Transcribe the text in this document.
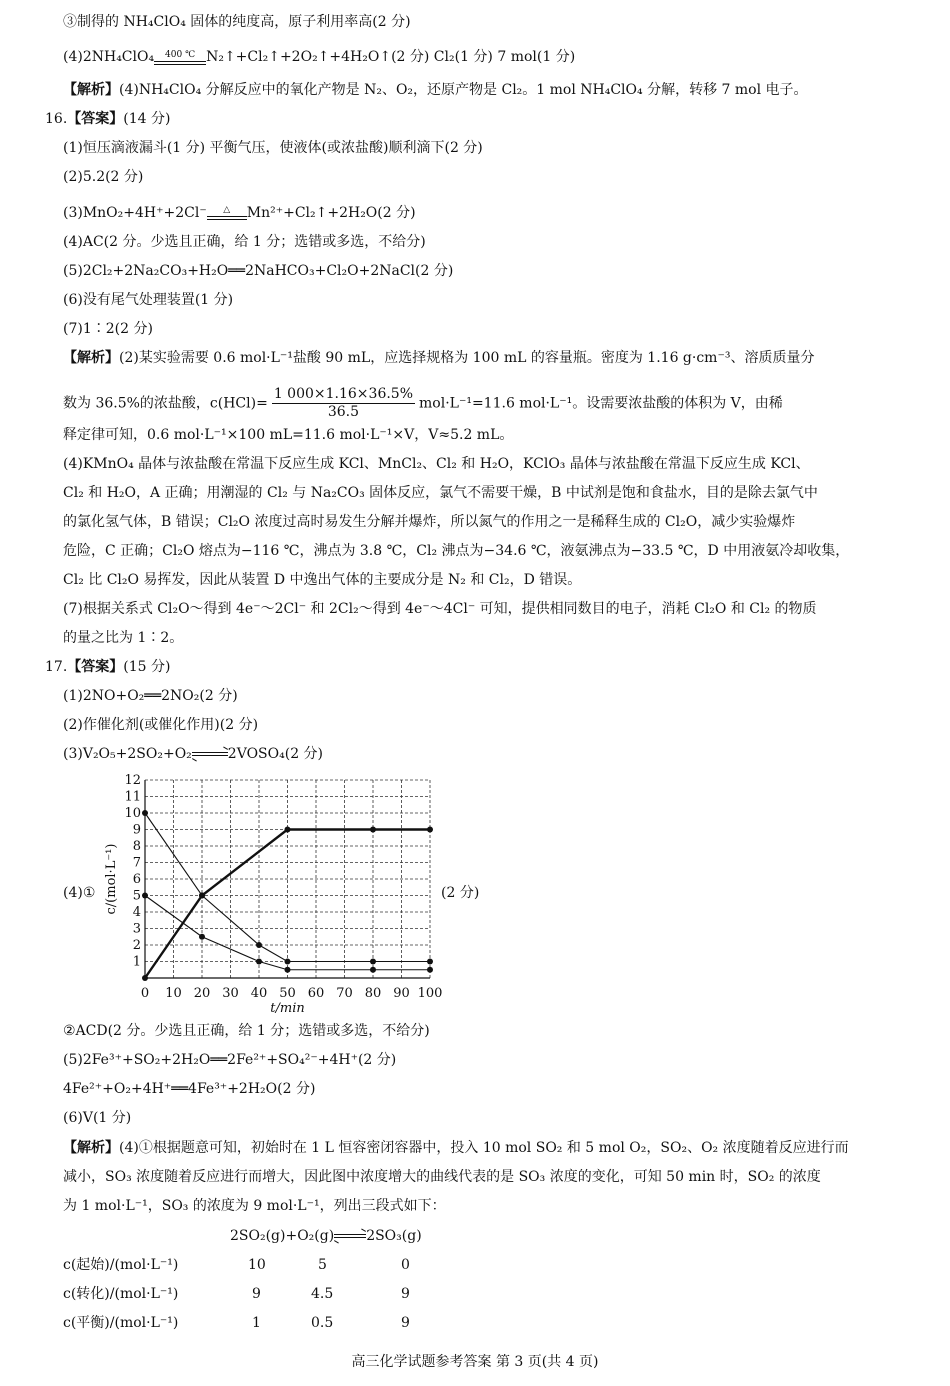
③制得的 NH₄ClO₄ 固体的纯度高，原子利用率高(2 分)
(4)2NH₄ClO₄	400 ℃ N₂↑+Cl₂↑+2O₂↑+4H₂O↑(2 分) Cl₂(1 分) 7 mol(1 分)
【解析】(4)NH₄ClO₄ 分解反应中的氧化产物是 N₂、O₂，还原产物是 Cl₂。1 mol NH₄ClO₄ 分解，转移 7 mol 电子。
16.【答案】(14 分)
(1)恒压滴液漏斗(1 分) 平衡气压，使液体(或浓盐酸)顺利滴下(2 分)
(2)5.2(2 分)
(3)MnO₂+4H⁺+2Cl⁻	△	Mn²⁺+Cl₂↑+2H₂O(2 分)
(4)AC(2 分。少选且正确，给 1 分；选错或多选，不给分)
(5)2Cl₂+2Na₂CO₃+H₂O══2NaHCO₃+Cl₂O+2NaCl(2 分)
(6)没有尾气处理装置(1 分)
(7)1∶2(2 分)
【解析】(2)某实验需要 0.6 mol·L⁻¹盐酸 90 mL，应选择规格为 100 mL 的容量瓶。密度为 1.16 g·cm⁻³、溶质质量分
数为 36.5%的浓盐酸，$c(HCl)= \frac{1 000\times 1.16\times 36.5\%}{36.5} mol\cdot L^{-1}=11.6$ mol·L⁻¹。设需要浓盐酸的体积为 V，由稀
释定律可知，0.6 mol·L⁻¹×100 mL=11.6 mol·L⁻¹×V，V≈5.2 mL。
(4)KMnO₄ 晶体与浓盐酸在常温下反应生成 KCl、MnCl₂、Cl₂ 和 H₂O，KClO₃ 晶体与浓盐酸在常温下反应生成 KCl、
Cl₂ 和 H₂O，A 正确；用潮湿的 Cl₂ 与 Na₂CO₃ 固体反应，氯气不需要干燥，B 中试剂是饱和食盐水，目的是除去氯气中
的氯化氢气体，B 错误；Cl₂O 浓度过高时易发生分解并爆炸，所以氮气的作用之一是稀释生成的 Cl₂O，减少实验爆炸
危险，C 正确；Cl₂O 熔点为−116 ℃，沸点为 3.8 ℃，Cl₂ 沸点为−34.6 ℃，液氨沸点为−33.5 ℃，D 中用液氨冷却收集，
Cl₂ 比 Cl₂O 易挥发，因此从装置 D 中逸出气体的主要成分是 N₂ 和 Cl₂，D 错误。
(7)根据关系式 Cl₂O～得到 4e⁻～2Cl⁻ 和 2Cl₂～得到 4e⁻～4Cl⁻ 可知，提供相同数目的电子，消耗 Cl₂O 和 Cl₂ 的物质
的量之比为 1∶2。
17.【答案】(15 分)
(1)2NO+O₂══2NO₂(2 分)
(2)作催化剂(或催化作用)(2 分)
(3)V₂O₅+2SO₂+O₂→2VOSO₄(2 分)
(4)①	(2 分)
0 10 20 30 40 50 60 70 80 90 100
1
2
3
4
5
6
7
8
9
10
11
12
t/min
c/(mol·L⁻¹)
②ACD(2 分。少选且正确，给 1 分；选错或多选，不给分)
(5)2Fe³⁺+SO₂+2H₂O══2Fe²⁺+SO₄²⁻+4H⁺(2 分)
4Fe²⁺+O₂+4H⁺══4Fe³⁺+2H₂O(2 分)
(6)V(1 分)
【解析】(4)①根据题意可知，初始时在 1 L 恒容密闭容器中，投入 10 mol SO₂ 和 5 mol O₂，SO₂、O₂ 浓度随着反应进行而
减小，SO₃ 浓度随着反应进行而增大，因此图中浓度增大的曲线代表的是 SO₃ 浓度的变化，可知 50 min 时，SO₂ 的浓度
为 1 mol·L⁻¹，SO₃ 的浓度为 9 mol·L⁻¹，列出三段式如下：
2SO₂(g)+O₂(g)→2SO₃(g)
c(起始)/(mol·L⁻¹)	10	5	0
c(转化)/(mol·L⁻¹)	9	4.5	9
c(平衡)/(mol·L⁻¹)	1	0.5	9
高三化学试题参考答案 第 3 页(共 4 页)
